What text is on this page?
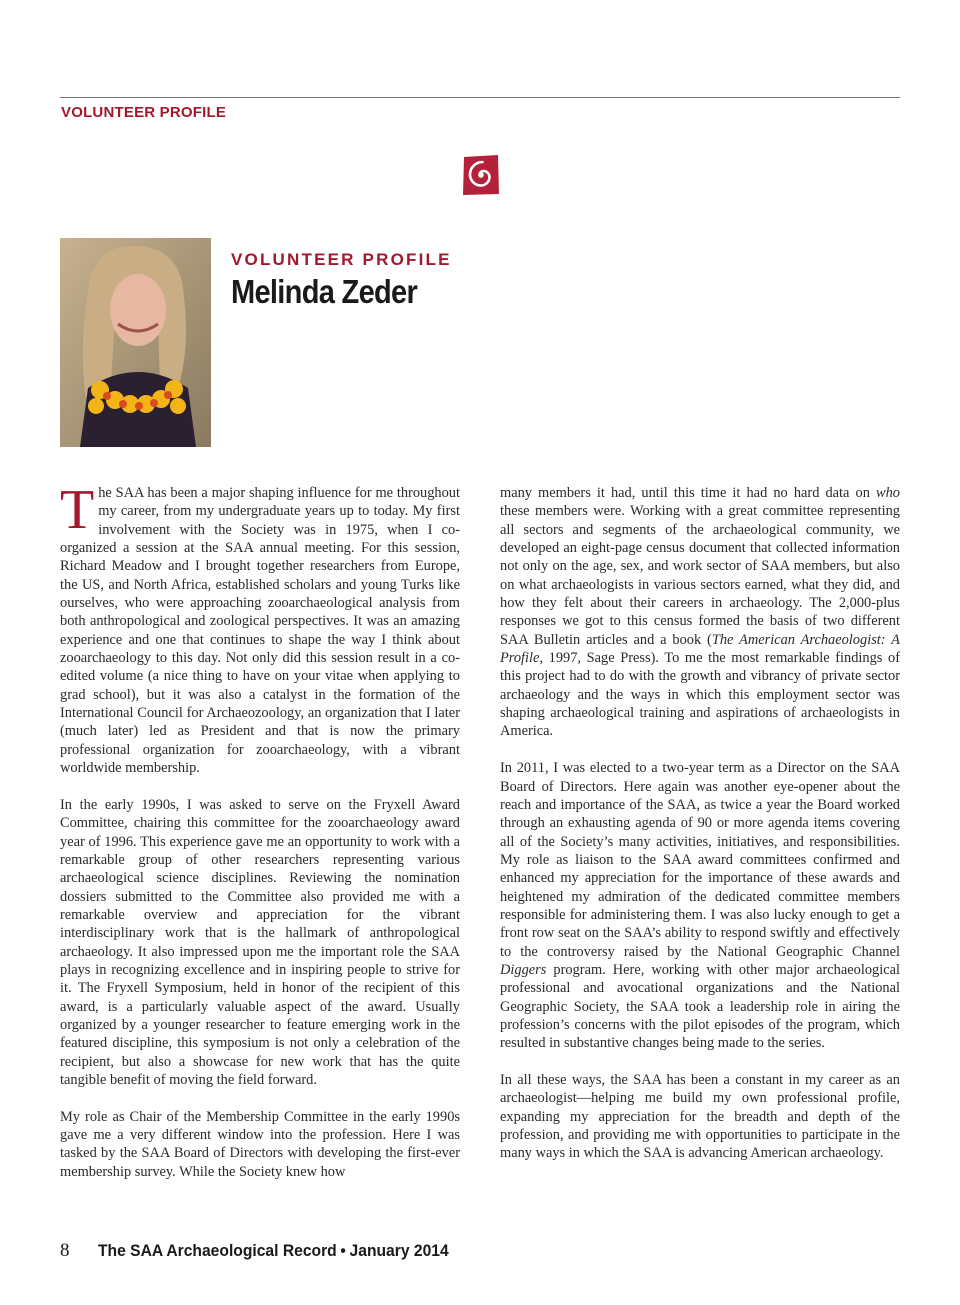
VOLUNTEER PROFILE
VOLUNTEER PROFILE
Melinda Zeder

The SAA has been a major shaping influence for me throughout my career, from my undergraduate years up to today. My first involvement with the Society was in 1975, when I co-organized a session at the SAA annual meeting. For this session, Richard Meadow and I brought together researchers from Europe, the US, and North Africa, established scholars and young Turks like ourselves, who were approaching zooarchaeological analysis from both anthropological and zoological perspectives. It was an amazing experience and one that continues to shape the way I think about zooarchaeology to this day. Not only did this session result in a co-edited volume (a nice thing to have on your vitae when applying to grad school), but it was also a catalyst in the formation of the International Council for Archaeozoology, an organization that I later (much later) led as President and that is now the primary professional organization for zooarchaeology, with a vibrant worldwide membership.

In the early 1990s, I was asked to serve on the Fryxell Award Committee, chairing this committee for the zooarchaeology award year of 1996. This experience gave me an opportunity to work with a remarkable group of other researchers representing various archaeological science disciplines. Reviewing the nomination dossiers submitted to the Committee also provided me with a remarkable overview and appreciation for the vibrant interdisciplinary work that is the hallmark of anthropological archaeology. It also impressed upon me the important role the SAA plays in recognizing excellence and in inspiring people to strive for it. The Fryxell Symposium, held in honor of the recipient of this award, is a particularly valuable aspect of the award. Usually organized by a younger researcher to feature emerging work in the featured discipline, this symposium is not only a celebration of the recipient, but also a showcase for new work that has the quite tangible benefit of moving the field forward.

My role as Chair of the Membership Committee in the early 1990s gave me a very different window into the profession. Here I was tasked by the SAA Board of Directors with developing the first-ever membership survey. While the Society knew how

many members it had, until this time it had no hard data on who these members were. Working with a great committee representing all sectors and segments of the archaeological community, we developed an eight-page census document that collected information not only on the age, sex, and work sector of SAA members, but also on what archaeologists in various sectors earned, what they did, and how they felt about their careers in archaeology. The 2,000-plus responses we got to this census formed the basis of two different SAA Bulletin articles and a book (The American Archaeologist: A Profile, 1997, Sage Press). To me the most remarkable findings of this project had to do with the growth and vibrancy of private sector archaeology and the ways in which this employment sector was shaping archaeological training and aspirations of archaeologists in America.

In 2011, I was elected to a two-year term as a Director on the SAA Board of Directors. Here again was another eye-opener about the reach and importance of the SAA, as twice a year the Board worked through an exhausting agenda of 90 or more agenda items covering all of the Society’s many activities, initiatives, and responsibilities. My role as liaison to the SAA award committees confirmed and enhanced my appreciation for the importance of these awards and heightened my admiration of the dedicated committee members responsible for administering them. I was also lucky enough to get a front row seat on the SAA’s ability to respond swiftly and effectively to the controversy raised by the National Geographic Channel Diggers program. Here, working with other major archaeological professional and avocational organizations and the National Geographic Society, the SAA took a leadership role in airing the profession’s concerns with the pilot episodes of the program, which resulted in substantive changes being made to the series.

In all these ways, the SAA has been a constant in my career as an archaeologist—helping me build my own professional profile, expanding my appreciation for the breadth and depth of the profession, and providing me with opportunities to participate in the many ways in which the SAA is advancing American archaeology.

8 The SAA Archaeological Record • January 2014
